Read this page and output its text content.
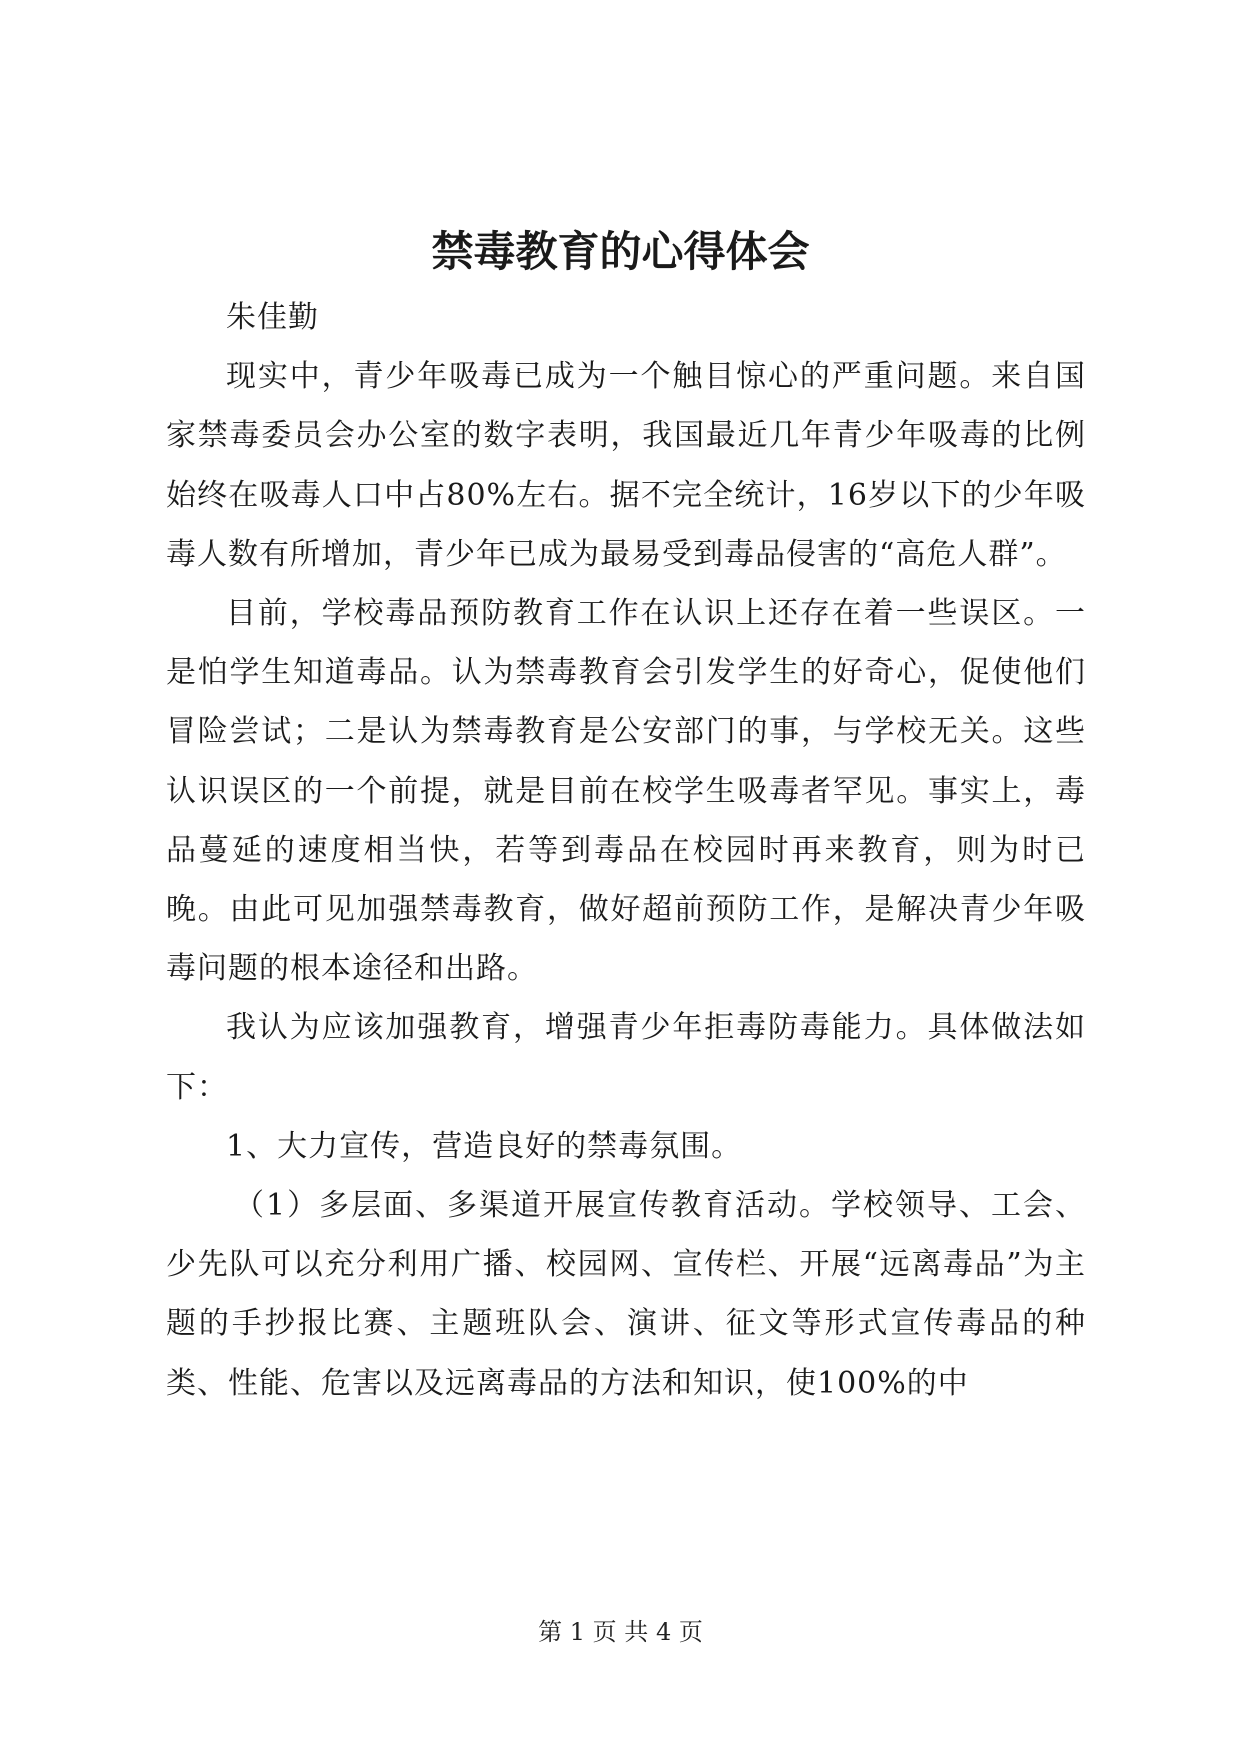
禁毒教育的心得体会

朱佳勤

现实中，青少年吸毒已成为一个触目惊心的严重问题。来自国家禁毒委员会办公室的数字表明，我国最近几年青少年吸毒的比例始终在吸毒人口中占80%左右。据不完全统计，16岁以下的少年吸毒人数有所增加，青少年已成为最易受到毒品侵害的“高危人群”。

目前，学校毒品预防教育工作在认识上还存在着一些误区。一是怕学生知道毒品。认为禁毒教育会引发学生的好奇心，促使他们冒险尝试；二是认为禁毒教育是公安部门的事，与学校无关。这些认识误区的一个前提，就是目前在校学生吸毒者罕见。事实上，毒品蔓延的速度相当快，若等到毒品在校园时再来教育，则为时已晚。由此可见加强禁毒教育，做好超前预防工作，是解决青少年吸毒问题的根本途径和出路。

我认为应该加强教育，增强青少年拒毒防毒能力。具体做法如下：

1、大力宣传，营造良好的禁毒氛围。

（1）多层面、多渠道开展宣传教育活动。学校领导、工会、少先队可以充分利用广播、校园网、宣传栏、开展“远离毒品”为主题的手抄报比赛、主题班队会、演讲、征文等形式宣传毒品的种类、性能、危害以及远离毒品的方法和知识，使100%的中

第 1 页 共 4 页
